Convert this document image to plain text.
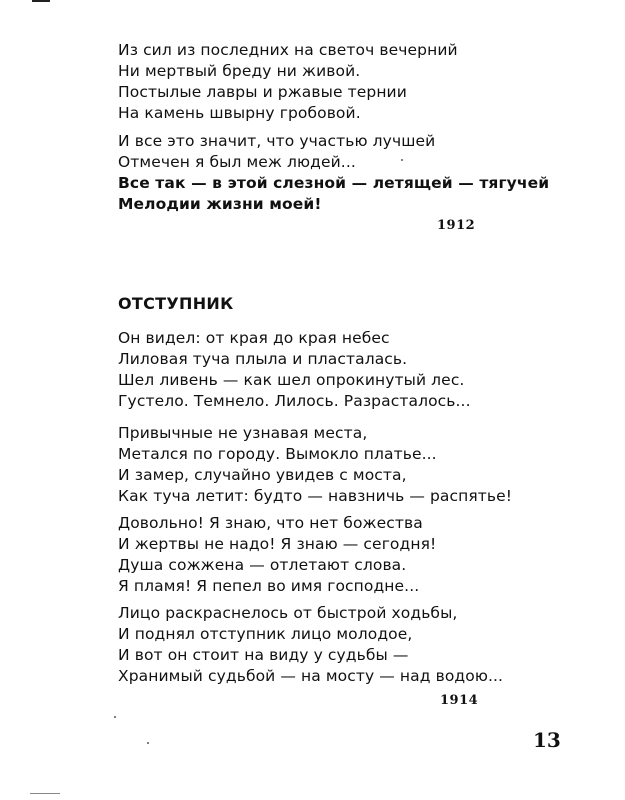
Из сил из последних на светоч вечерний
Ни мертвый бреду ни живой.
Постылые лавры и ржавые тернии
На камень швырну гробовой.
И все это значит, что участью лучшей
Отмечен я был меж людей...
Все так — в этой слезной — летящей — тягучей
Мелодии жизни моей!
1912
ОТСТУПНИК
Он видел: от края до края небес
Лиловая туча плыла и пласталась.
Шел ливень — как шел опрокинутый лес.
Густело. Темнело. Лилось. Разрасталось...
Привычные не узнавая места,
Метался по городу. Вымокло платье...
И замер, случайно увидев с моста,
Как туча летит: будто — навзничь — распятье!
Довольно! Я знаю, что нет божества
И жертвы не надо! Я знаю — сегодня!
Душа сожжена — отлетают слова.
Я пламя! Я пепел во имя господне...
Лицо раскраснелось от быстрой ходьбы,
И поднял отступник лицо молодое,
И вот он стоит на виду у судьбы —
Хранимый судьбой — на мосту — над водою...
1914
13
